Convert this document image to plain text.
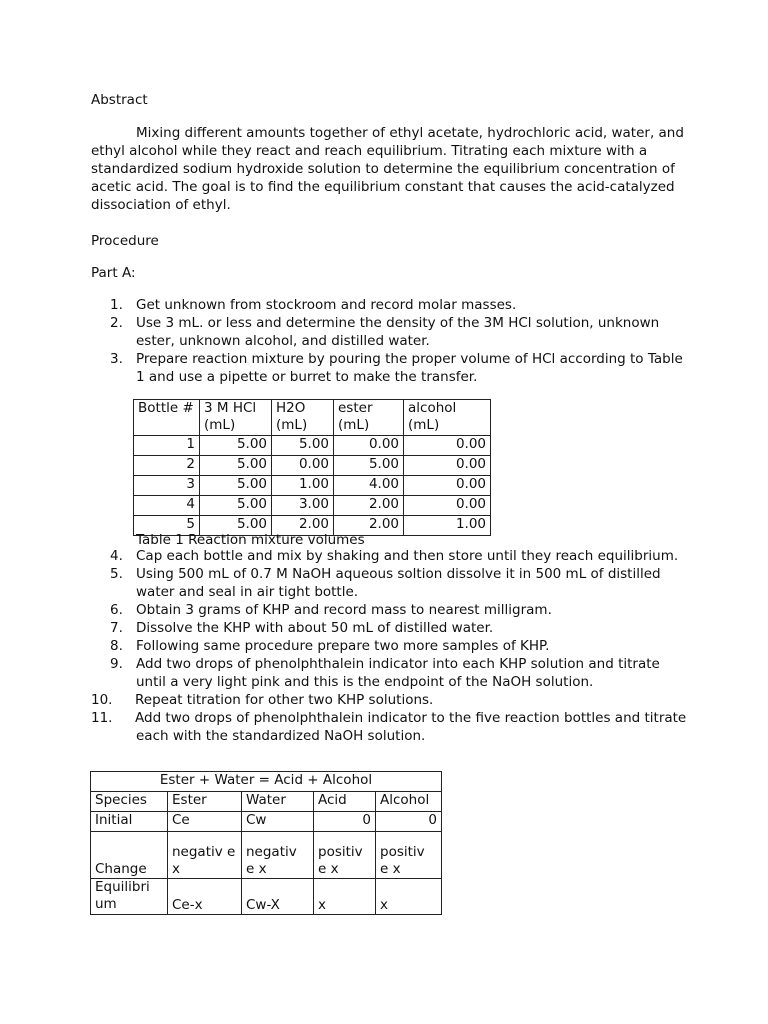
Abstract

Mixing different amounts together of ethyl acetate, hydrochloric acid, water, and ethyl alcohol while they react and reach equilibrium. Titrating each mixture with a standardized sodium hydroxide solution to determine the equilibrium concentration of acetic acid. The goal is to find the equilibrium constant that causes the acid-catalyzed dissociation of ethyl.

Procedure

Part A:

1. Get unknown from stockroom and record molar masses.
2. Use 3 mL. or less and determine the density of the 3M HCl solution, unknown ester, unknown alcohol, and distilled water.
3. Prepare reaction mixture by pouring the proper volume of HCl according to Table 1 and use a pipette or burret to make the transfer.
Bottle #	3 M HCl (mL)	H2O (mL)	ester (mL)	alcohol (mL)
1	5.00	5.00	0.00	0.00
2	5.00	0.00	5.00	0.00
3	5.00	1.00	4.00	0.00
4	5.00	3.00	2.00	0.00
5	5.00	2.00	2.00	1.00

Table 1 Reaction mixture volumes

4. Cap each bottle and mix by shaking and then store until they reach equilibrium.
5. Using 500 mL of 0.7 M NaOH aqueous soltion dissolve it in 500 mL of distilled water and seal in air tight bottle.
6. Obtain 3 grams of KHP and record mass to nearest milligram.
7. Dissolve the KHP with about 50 mL of distilled water.
8. Following same procedure prepare two more samples of KHP.
9. Add two drops of phenolphthalein indicator into each KHP solution and titrate until a very light pink and this is the endpoint of the NaOH solution.
10. Repeat titration for other two KHP solutions.
11. Add two drops of phenolphthalein indicator to the five reaction bottles and titrate each with the standardized NaOH solution.
Ester + Water = Acid + Alcohol				
Species	Ester	Water	Acid	Alcohol
Initial	Ce	Cw	0	0
Change	negativ e x	negativ e x	positiv e x	positiv e x
Equilibri um	Ce-x	Cw-X	x	x
